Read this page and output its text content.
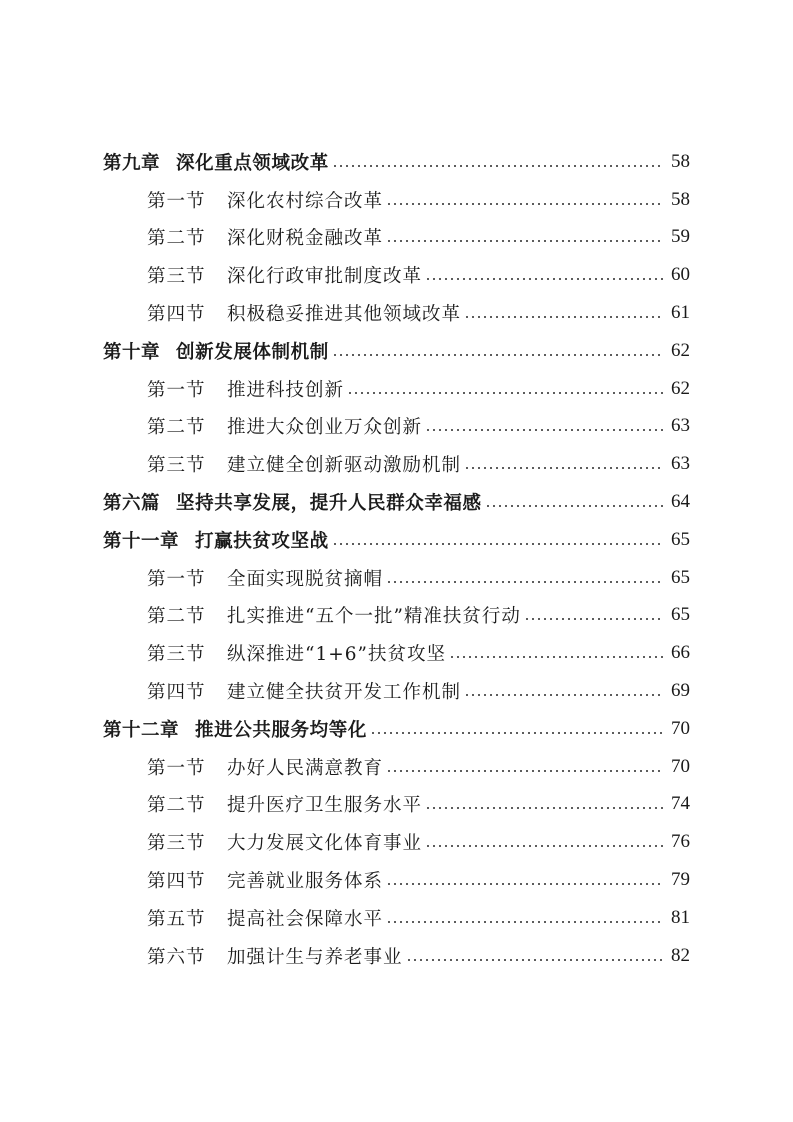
第九章 深化重点领域改革	58
第一节	深化农村综合改革	58
第二节	深化财税金融改革	59
第三节	深化行政审批制度改革	60
第四节	积极稳妥推进其他领域改革	61
第十章 创新发展体制机制	62
第一节	推进科技创新	62
第二节	推进大众创业万众创新	63
第三节	建立健全创新驱动激励机制	63
第六篇 坚持共享发展，提升人民群众幸福感	64
第十一章 打赢扶贫攻坚战	65
第一节	全面实现脱贫摘帽	65
第二节	扎实推进“五个一批”精准扶贫行动	65
第三节	纵深推进“1+6”扶贫攻坚	66
第四节	建立健全扶贫开发工作机制	69
第十二章 推进公共服务均等化	70
第一节	办好人民满意教育	70
第二节	提升医疗卫生服务水平	74
第三节	大力发展文化体育事业	76
第四节	完善就业服务体系	79
第五节	提高社会保障水平	81
第六节	加强计生与养老事业	82
